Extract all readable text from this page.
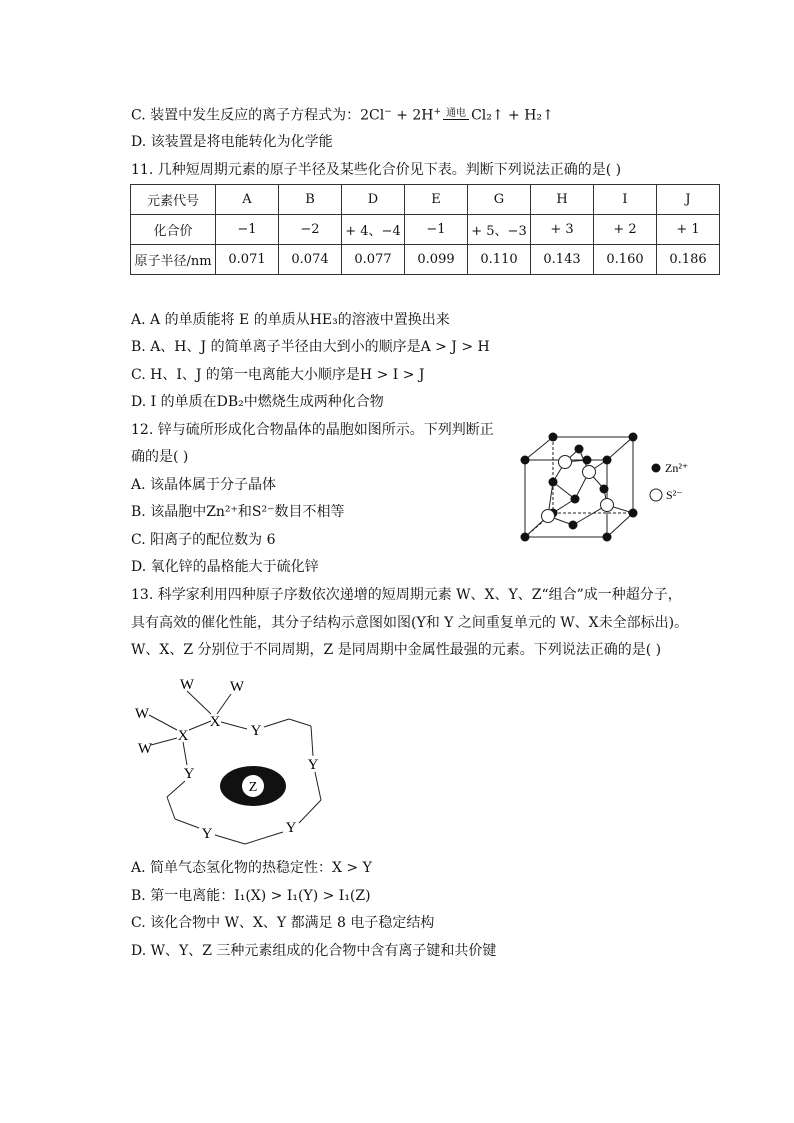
C. 装置中发生反应的离子方程式为：2Cl− + 2H+ 通电 Cl₂↑ + H₂↑
D. 该装置是将电能转化为化学能
11. 几种短周期元素的原子半径及某些化合价见下表。判断下列说法正确的是( )
元素代号	A	B	D	E	G	H	I	J
化合价	−1	−2	+ 4、−4	−1	+ 5、−3	+ 3	+ 2	+ 1
原子半径/nm	0.071	0.074	0.077	0.099	0.110	0.143	0.160	0.186
A. A 的单质能将 E 的单质从HE₃的溶液中置换出来
B. A、H、J 的简单离子半径由大到小的顺序是A > J > H
C. H、I、J 的第一电离能大小顺序是H > I > J
D. I 的单质在DB₂中燃烧生成两种化合物
12. 锌与硫所形成化合物晶体的晶胞如图所示。下列判断正
确的是( )
A. 该晶体属于分子晶体
B. 该晶胞中Zn²⁺和S²⁻数目不相等
C. 阳离子的配位数为 6
D. 氧化锌的晶格能大于硫化锌
Zn²⁺
S²⁻
13. 科学家利用四种原子序数依次递增的短周期元素 W、X、Y、Z“组合”成一种超分子，
具有高效的催化性能，其分子结构示意图如图(Y和 Y 之间重复单元的 W、X未全部标出)。
W、X、Z 分别位于不同周期，Z 是同周期中金属性最强的元素。下列说法正确的是( )
W W
W
W
X
X	Y
Y
Y
Y	Y
Z
A. 简单气态氢化物的热稳定性：X > Y
B. 第一电离能：I₁(X) > I₁(Y) > I₁(Z)
C. 该化合物中 W、X、Y 都满足 8 电子稳定结构
D. W、Y、Z 三种元素组成的化合物中含有离子键和共价键
